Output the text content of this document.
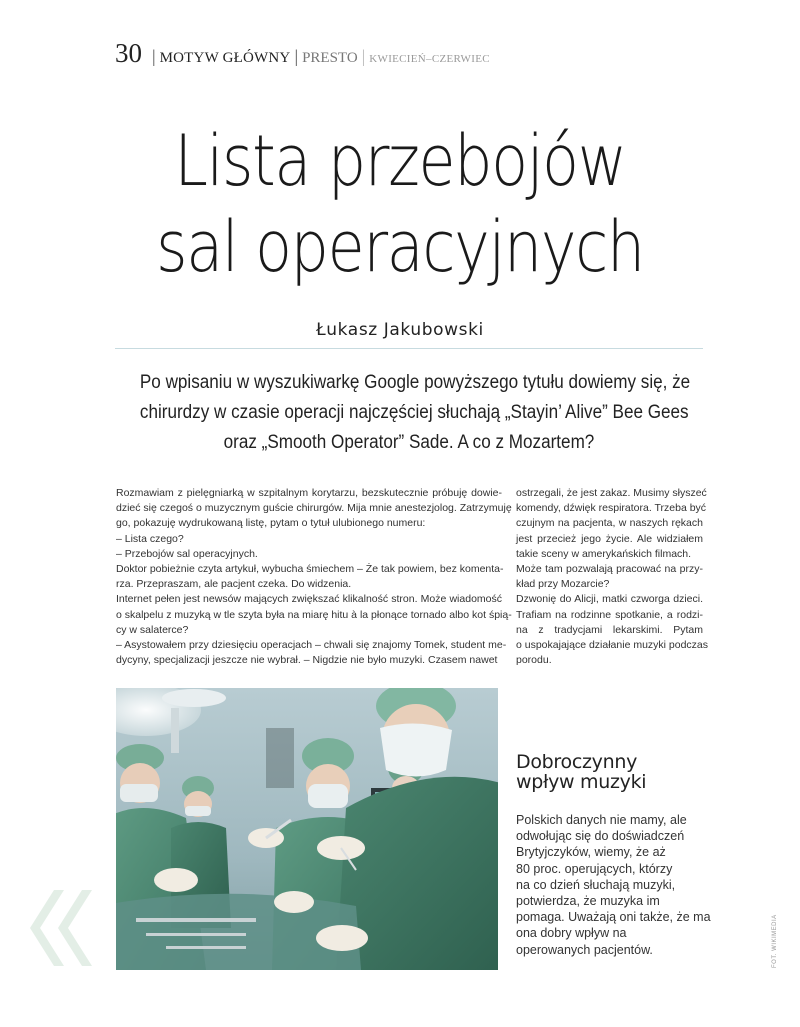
30 | MOTYW GŁÓWNY | PRESTO | KWIECIEŃ–CZERWIEC
Lista przebojów
sal operacyjnych
Łukasz Jakubowski

Po wpisaniu w wyszukiwarkę Google powyższego tytułu dowiemy się, że

chirurdzy w czasie operacji najczęściej słuchają „Stayin’ Alive” Bee Gees

oraz „Smooth Operator” Sade. A co z Mozartem?

Rozmawiam z pielęgniarką w szpitalnym korytarzu, bezskutecznie próbuję dowie-

dzieć się czegoś o muzycznym guście chirurgów. Mija mnie anestezjolog. Zatrzymuję

go, pokazuję wydrukowaną listę, pytam o tytuł ulubionego numeru:

– Lista czego?

– Przebojów sal operacyjnych.

Doktor pobieżnie czyta artykuł, wybucha śmiechem – Że tak powiem, bez komenta-

rza. Przepraszam, ale pacjent czeka. Do widzenia.

Internet pełen jest newsów mających zwiększać klikalność stron. Może wiadomość

o skalpelu z muzyką w tle szyta była na miarę hitu à la płonące tornado albo kot śpią-

cy w salaterce?

– Asystowałem przy dziesięciu operacjach – chwali się znajomy Tomek, student me-

dycyny, specjalizacji jeszcze nie wybrał. – Nigdzie nie było muzyki. Czasem nawet

ostrzegali, że jest zakaz. Musimy słyszeć

komendy, dźwięk respiratora. Trzeba być

czujnym na pacjenta, w naszych rękach

jest przecież jego życie. Ale widziałem

takie sceny w amerykańskich filmach.

Może tam pozwalają pracować na przy-

kład przy Mozarcie?

Dzwonię do Alicji, matki czworga dzieci.

Trafiam na rodzinne spotkanie, a rodzi-

na z tradycjami lekarskimi. Pytam

o uspokajające działanie muzyki podczas

porodu.

Dobroczynny
wpływ muzyki
Polskich danych nie mamy, ale
odwołując się do doświadczeń
Brytyjczyków, wiemy, że aż
80 proc. operujących, którzy
na co dzień słuchają muzyki,
potwierdza, że muzyka im
pomaga. Uważają oni także, że ma
ona dobry wpływ na
operowanych pacjentów.	FOT. WIKIMEDIA
